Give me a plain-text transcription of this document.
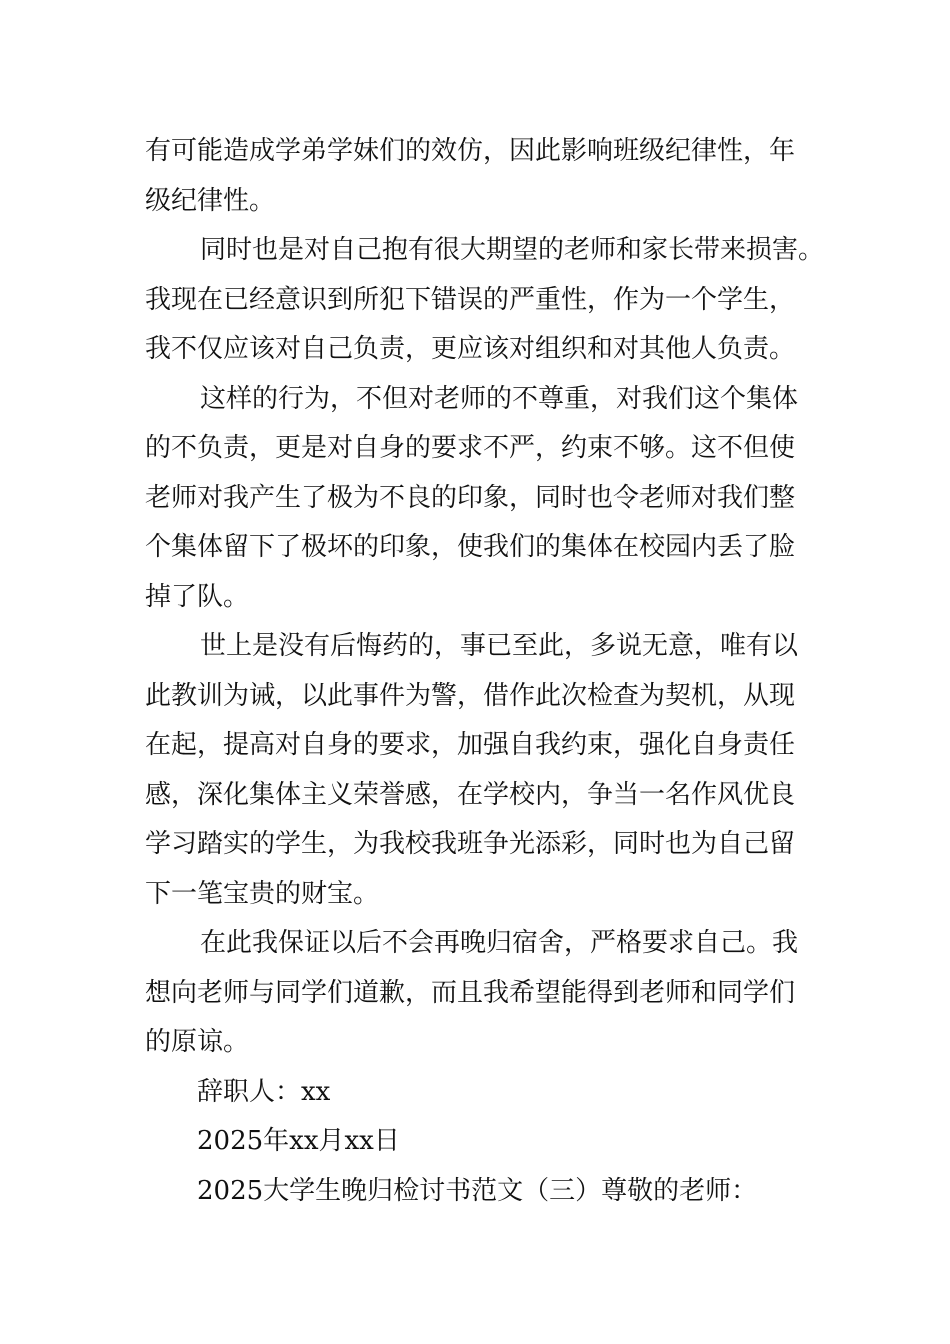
有可能造成学弟学妹们的效仿，因此影响班级纪律性，年
级纪律性。

同时也是对自己抱有很大期望的老师和家长带来损害。
我现在已经意识到所犯下错误的严重性，作为一个学生，
我不仅应该对自己负责，更应该对组织和对其他人负责。

这样的行为，不但对老师的不尊重，对我们这个集体
的不负责，更是对自身的要求不严，约束不够。这不但使
老师对我产生了极为不良的印象，同时也令老师对我们整
个集体留下了极坏的印象，使我们的集体在校园内丢了脸
掉了队。

世上是没有后悔药的，事已至此，多说无意，唯有以
此教训为诫，以此事件为警，借作此次检查为契机，从现
在起，提高对自身的要求，加强自我约束，强化自身责任
感，深化集体主义荣誉感，在学校内，争当一名作风优良
学习踏实的学生，为我校我班争光添彩，同时也为自己留
下一笔宝贵的财宝。

在此我保证以后不会再晚归宿舍，严格要求自己。我
想向老师与同学们道歉，而且我希望能得到老师和同学们
的原谅。

辞职人：xx
2025年xx月xx日
2025大学生晚归检讨书范文（三）尊敬的老师：
